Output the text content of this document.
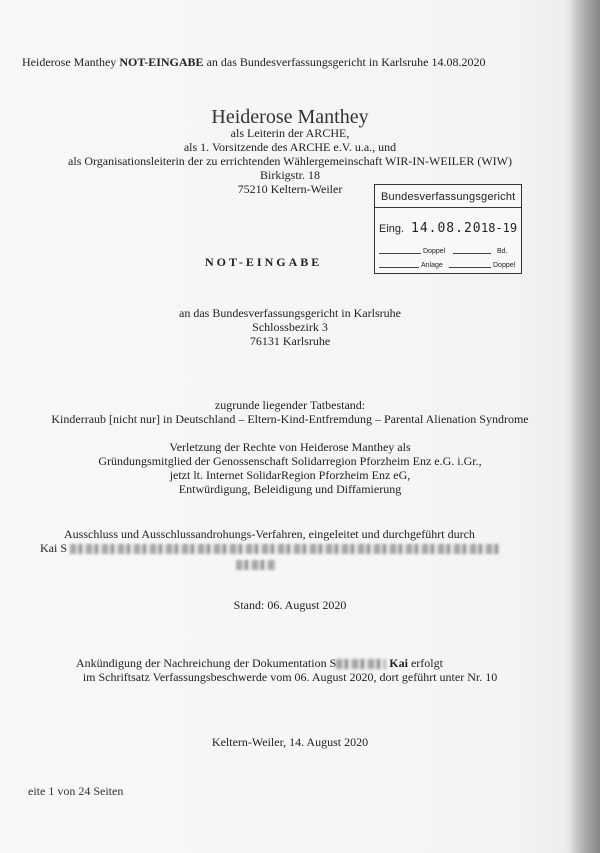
Heiderose Manthey NOT-EINGABE an das Bundesverfassungsgericht in Karlsruhe 14.08.2020
Heiderose Manthey
als Leiterin der ARCHE,
als 1. Vorsitzende des ARCHE e.V. u.a., und
als Organisationsleiterin der zu errichtenden Wählergemeinschaft WIR-IN-WEILER (WIW)
Birkigstr. 18
75210 Keltern-Weiler
Bundesverfassungsgericht
Eing. 14.08.20 18-19
Doppel	Bd.
Anlage	Doppel
NOT-EINGABE
an das Bundesverfassungsgericht in Karlsruhe
Schlossbezirk 3
76131 Karlsruhe
zugrunde liegender Tatbestand:
Kinderraub [nicht nur] in Deutschland – Eltern-Kind-Entfremdung – Parental Alienation Syndrome
Verletzung der Rechte von Heiderose Manthey als
Gründungsmitglied der Genossenschaft Solidarregion Pforzheim Enz e.G. i.Gr.,
jetzt lt. Internet SolidarRegion Pforzheim Enz eG,
Entwürdigung, Beleidigung und Diffamierung
Ausschluss und Ausschlussandrohungs-Verfahren, eingeleitet und durchgeführt durch
Kai S
Stand: 06. August 2020
Ankündigung der Nachreichung der Dokumentation S	Kai erfolgt
im Schriftsatz Verfassungsbeschwerde vom 06. August 2020, dort geführt unter Nr. 10
Keltern-Weiler, 14. August 2020
eite 1 von 24 Seiten
